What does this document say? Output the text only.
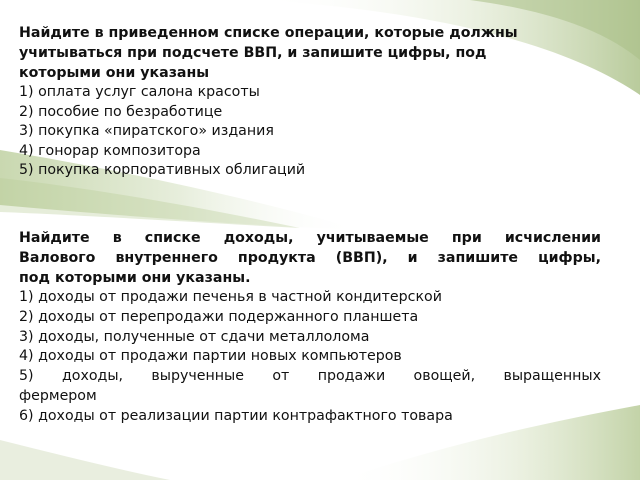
Найдите в приведенном списке операции, которые должны
учитываться при подсчете ВВП, и запишите цифры, под
которыми они указаны
1) оплата услуг салона красоты
2) пособие по безработице
3) покупка «пиратского» издания
4) гонорар композитора
5) покупка корпоративных облигаций
Найдите в списке доходы, учитываемые при исчислении
Валового внутреннего продукта (ВВП), и запишите цифры,
под которыми они указаны.
1) доходы от продажи печенья в частной кондитерской
2) доходы от перепродажи подержанного планшета
3) доходы, полученные от сдачи металлолома
4) доходы от продажи партии новых компьютеров
5) доходы, вырученные от продажи овощей, выращенных
фермером
6) доходы от реализации партии контрафактного товара
